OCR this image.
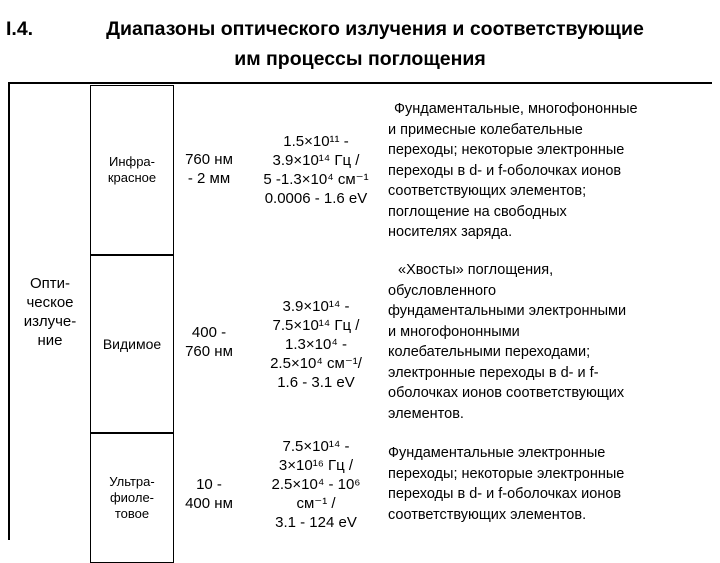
I.4.	Диапазоны оптического излучения и соответствующие
им процессы поглощения
Опти-
ческое
излуче-
ние
Инфра-
красное
Видимое
Ультра-
фиоле-
товое
760 нм
- 2 мм
400 -
760 нм
10 -
400 нм
1.5×10¹¹ -
3.9×10¹⁴ Гц /
5 -1.3×10⁴ см⁻¹
0.0006 - 1.6 eV
3.9×10¹⁴ -
7.5×10¹⁴ Гц /
1.3×10⁴ -
2.5×10⁴ см⁻¹/
1.6 - 3.1 eV
7.5×10¹⁴ -
3×10¹⁶ Гц /
2.5×10⁴ - 10⁶
см⁻¹ /
3.1 - 124 eV
Фундаментальные, многофононные
и примесные колебательные
переходы; некоторые электронные
переходы в d- и f-оболочках ионов
соответствующих элементов;
поглощение на свободных
носителях заряда.
«Хвосты» поглощения,
обусловленного
фундаментальными электронными
и многофононными
колебательными переходами;
электронные переходы в d- и f-
оболочках ионов соответствующих
элементов.
Фундаментальные электронные
переходы; некоторые электронные
переходы в d- и f-оболочках ионов
соответствующих элементов.
